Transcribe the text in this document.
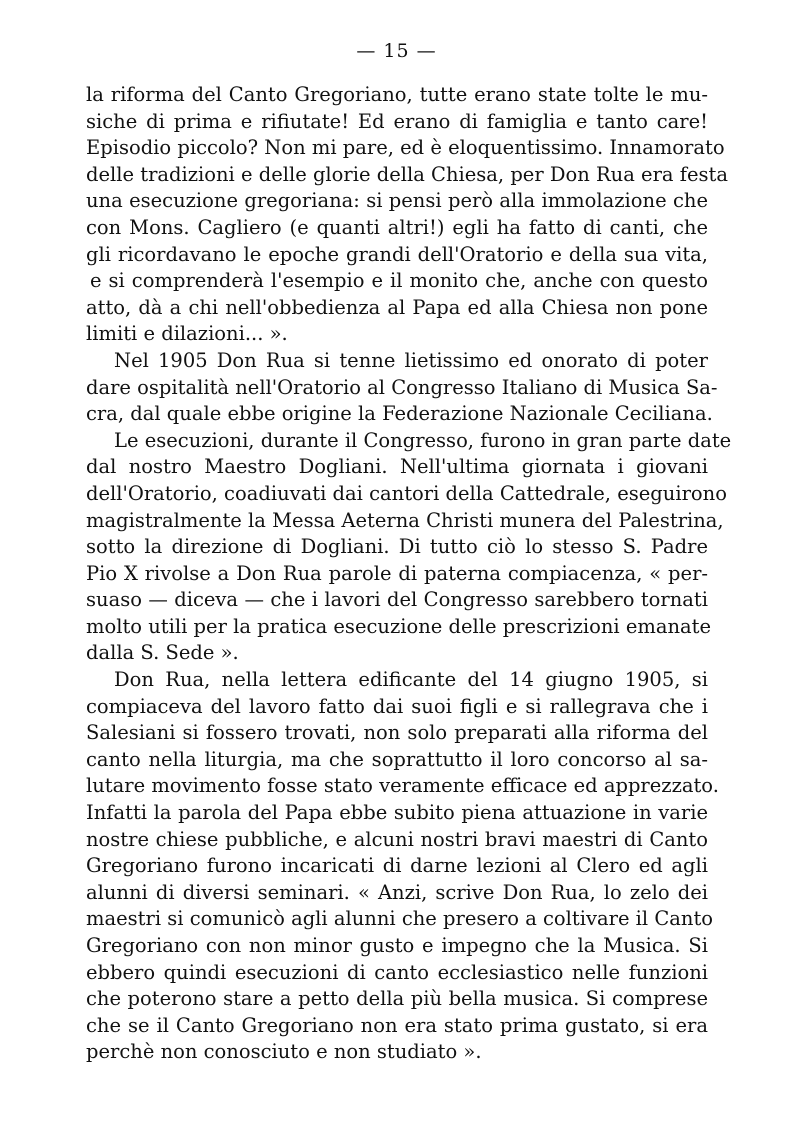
— 15 —
la riforma del Canto Gregoriano, tutte erano state tolte le mu-
siche di prima e rifiutate! Ed erano di famiglia e tanto care!
Episodio piccolo? Non mi pare, ed è eloquentissimo. Innamorato
delle tradizioni e delle glorie della Chiesa, per Don Rua era festa
una esecuzione gregoriana: si pensi però alla immolazione che
con Mons. Cagliero (e quanti altri!) egli ha fatto di canti, che
gli ricordavano le epoche grandi dell'Oratorio e della sua vita,
e si comprenderà l'esempio e il monito che, anche con questo
atto, dà a chi nell'obbedienza al Papa ed alla Chiesa non pone
limiti e dilazioni... ».
Nel 1905 Don Rua si tenne lietissimo ed onorato di poter
dare ospitalità nell'Oratorio al Congresso Italiano di Musica Sa-
cra, dal quale ebbe origine la Federazione Nazionale Ceciliana.
Le esecuzioni, durante il Congresso, furono in gran parte date
dal nostro Maestro Dogliani. Nell'ultima giornata i giovani
dell'Oratorio, coadiuvati dai cantori della Cattedrale, eseguirono
magistralmente la Messa Aeterna Christi munera del Palestrina,
sotto la direzione di Dogliani. Di tutto ciò lo stesso S. Padre
Pio X rivolse a Don Rua parole di paterna compiacenza, « per-
suaso — diceva — che i lavori del Congresso sarebbero tornati
molto utili per la pratica esecuzione delle prescrizioni emanate
dalla S. Sede ».
Don Rua, nella lettera edificante del 14 giugno 1905, si
compiaceva del lavoro fatto dai suoi figli e si rallegrava che i
Salesiani si fossero trovati, non solo preparati alla riforma del
canto nella liturgia, ma che soprattutto il loro concorso al sa-
lutare movimento fosse stato veramente efficace ed apprezzato.
Infatti la parola del Papa ebbe subito piena attuazione in varie
nostre chiese pubbliche, e alcuni nostri bravi maestri di Canto
Gregoriano furono incaricati di darne lezioni al Clero ed agli
alunni di diversi seminari. « Anzi, scrive Don Rua, lo zelo dei
maestri si comunicò agli alunni che presero a coltivare il Canto
Gregoriano con non minor gusto e impegno che la Musica. Si
ebbero quindi esecuzioni di canto ecclesiastico nelle funzioni
che poterono stare a petto della più bella musica. Si comprese
che se il Canto Gregoriano non era stato prima gustato, si era
perchè non conosciuto e non studiato ».
